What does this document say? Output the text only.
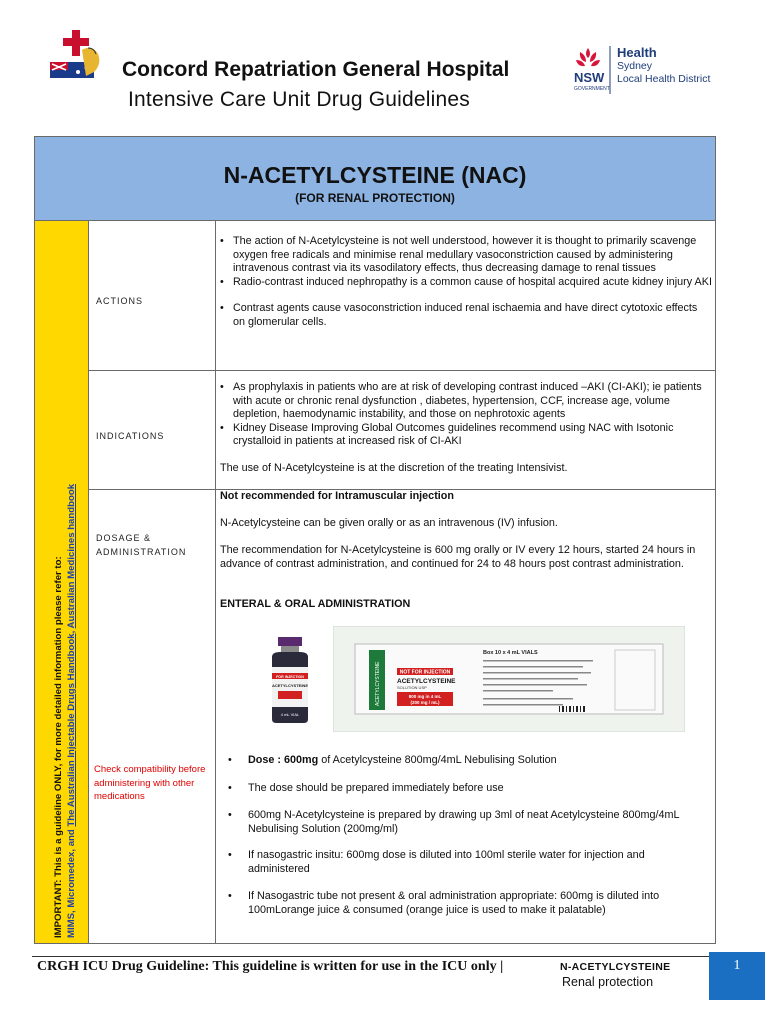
Concord Repatriation General Hospital
Intensive Care Unit Drug Guidelines
NSW
GOVERNMENT
Health
Sydney
Local Health District
N-ACETYLCYSTEINE (NAC)
(FOR RENAL PROTECTION)
IMPORTANT: This is a guideline ONLY, for more detailed information please refer to: MIMS, Micromedex, and The Australian Injectable Drugs Handbook, Australian Medicines handbook
ACTIONS
• The action of N-Acetylcysteine is not well understood, however it is thought to primarily scavenge oxygen free radicals and minimise renal medullary vasoconstriction caused by administering intravenous contrast via its vasodilatory effects, thus decreasing damage to renal tissues
• Radio-contrast induced nephropathy is a common cause of hospital acquired acute kidney injury AKI
• Contrast agents cause vasoconstriction induced renal ischaemia and have direct cytotoxic effects on glomerular cells.
INDICATIONS
• As prophylaxis in patients who are at risk of developing contrast induced –AKI (CI-AKI); ie patients with acute or chronic renal dysfunction , diabetes, hypertension, CCF, increase age, volume depletion, haemodynamic instability, and those on nephrotoxic agents
• Kidney Disease Improving Global Outcomes guidelines recommend using NAC with Isotonic crystalloid in patients at increased risk of CI-AKI
The use of N-Acetylcysteine is at the discretion of the treating Intensivist.
DOSAGE &
ADMINISTRATION
Not recommended for Intramuscular injection
N-Acetylcysteine can be given orally or as an intravenous (IV) infusion.
The recommendation for N-Acetylcysteine is 600 mg orally or IV every 12 hours, started 24 hours in advance of contrast administration, and continued for 24 to 48 hours post contrast administration.
ENTERAL & ORAL ADMINISTRATION
Check compatibility before administering with other medications
FOR INJECTION
ACETYLCYSTEINE
4 mL VIAL
ACETYLCYSTEINE
Box 10 x 4 mL VIALS
NOT FOR INJECTION
ACETYLCYSTEINE
SOLUTION USP
800 mg in 4 mL
(200 mg / mL)
• Dose : 600mg of Acetylcysteine 800mg/4mL Nebulising Solution
• The dose should be prepared immediately before use
• 600mg N-Acetylcysteine is prepared by drawing up 3ml of neat Acetylcysteine 800mg/4mL Nebulising Solution (200mg/ml)
• If nasogastric insitu: 600mg dose is diluted into 100ml sterile water for injection and administered
• If Nasogastric tube not present & oral administration appropriate: 600mg is diluted into 100mLorange juice & consumed (orange juice is used to make it palatable)
CRGH ICU Drug Guideline: This guideline is written for use in the ICU only |	N-ACETYLCYSTEINE
Renal protection
1
